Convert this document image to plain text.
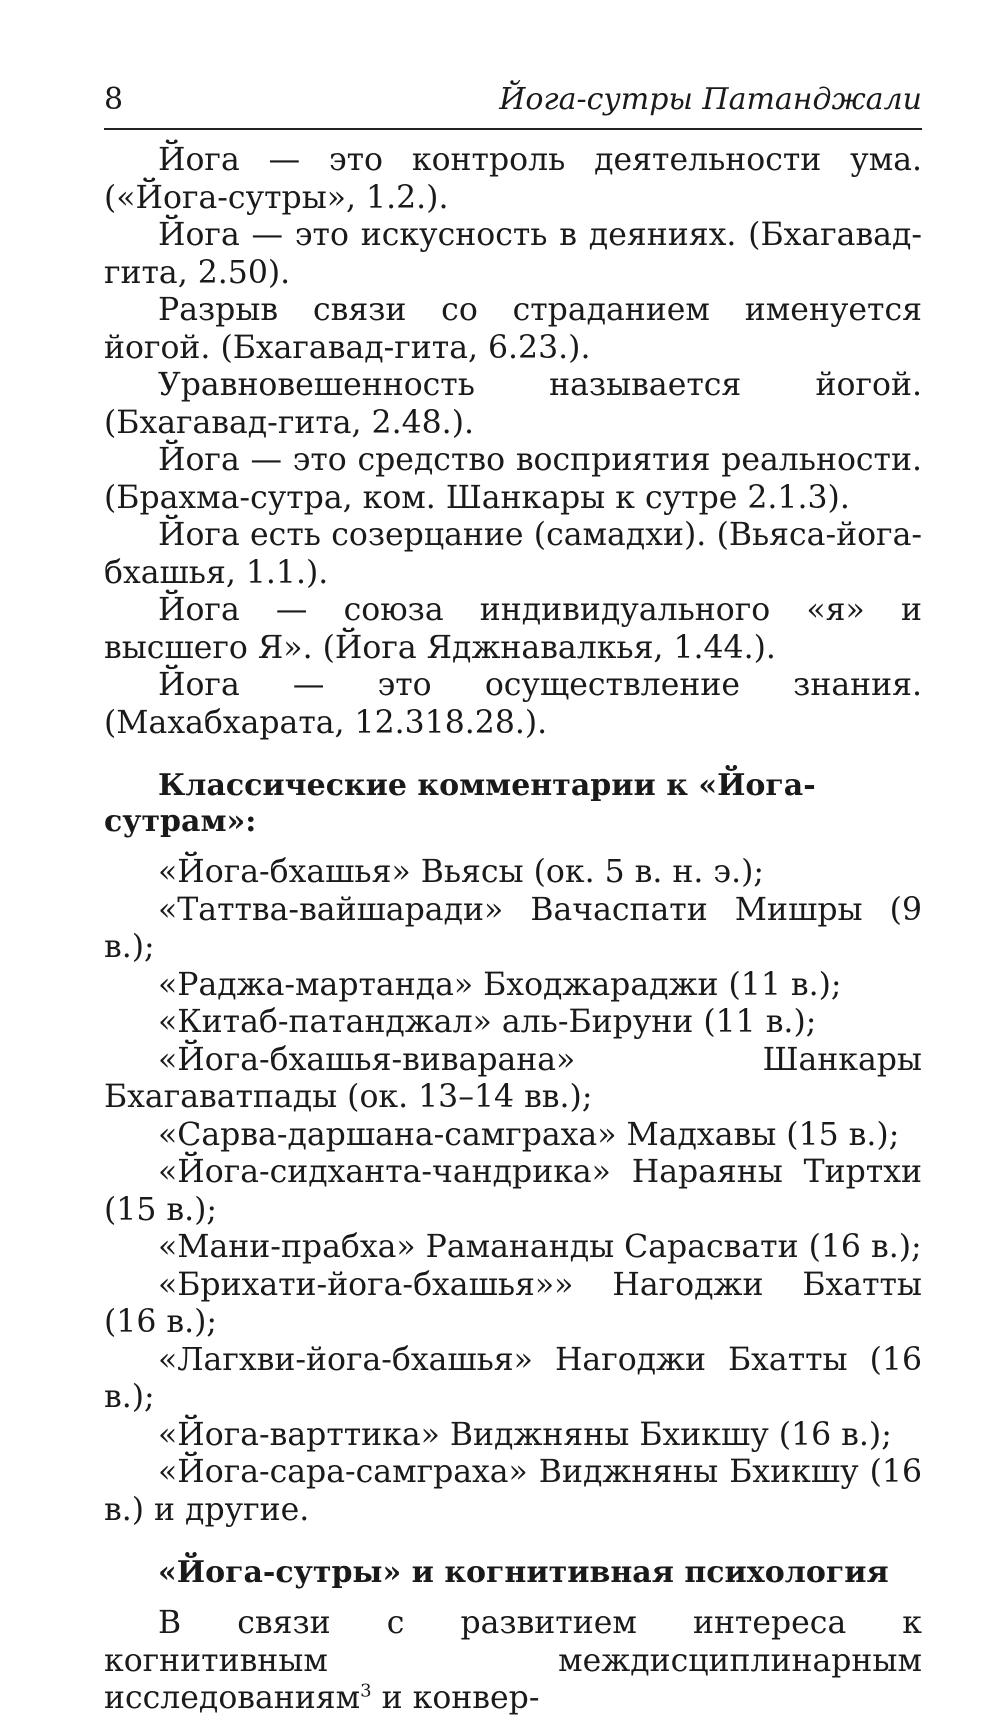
8	Йога-сутры Патанджали

Йога — это контроль деятельности ума. («Йога-сутры», 1.2.).

Йога — это искусность в деяниях. (Бхагавад-гита, 2.50).

Разрыв связи со страданием именуется йогой. (Бхагавад-гита, 6.23.).

Уравновешенность называется йогой. (Бхагавад-гита, 2.48.).

Йога — это средство восприятия реальности. (Брахма-сутра, ком. Шанкары к сутре 2.1.3).

Йога есть созерцание (самадхи). (Вьяса-йога-бхашья, 1.1.).

Йога — союза индивидуального «я» и высшего Я». (Йога Яджнавалкья, 1.44.).

Йога — это осуществление знания. (Махабхарата, 12.318.28.).

Классические комментарии к «Йога-сутрам»:

«Йога-бхашья» Вьясы (ок. 5 в. н. э.);

«Таттва-вайшаради» Вачаспати Мишры (9 в.);

«Раджа-мартанда» Бходжараджи (11 в.);

«Китаб-патанджал» аль-Бируни (11 в.);

«Йога-бхашья-виварана» Шанкары Бхагаватпады (ок. 13–14 вв.);

«Сарва-даршана-самграха» Мадхавы (15 в.);

«Йога-сидханта-чандрика» Нараяны Тиртхи (15 в.);

«Мани-прабха» Рамананды Сарасвати (16 в.);

«Брихати-йога-бхашья»» Нагоджи Бхатты (16 в.);

«Лагхви-йога-бхашья» Нагоджи Бхатты (16 в.);

«Йога-варттика» Виджняны Бхикшу (16 в.);

«Йога-сара-самграха» Виджняны Бхикшу (16 в.) и другие.

«Йога-сутры» и когнитивная психология

В связи с развитием интереса к когнитивным междисциплинарным исследованиям$^3$ и конвер-
